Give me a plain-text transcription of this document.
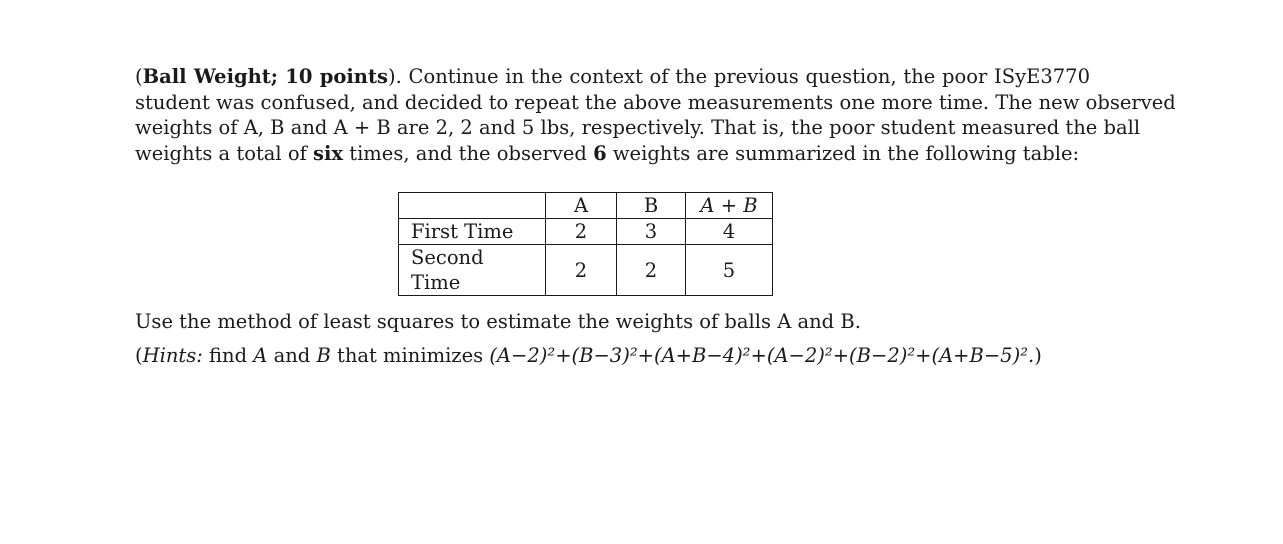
(Ball Weight; 10 points). Continue in the context of the previous question, the poor ISyE3770
student was confused, and decided to repeat the above measurements one more time. The new observed
weights of A, B and A + B are 2, 2 and 5 lbs, respectively. That is, the poor student measured the ball
weights a total of six times, and the observed 6 weights are summarized in the following table:

	A	B	A + B
First Time	2	3	4
Second Time	2	2	5
Use the method of least squares to estimate the weights of balls A and B.
(Hints: find A and B that minimizes (A−2)²+(B−3)²+(A+B−4)²+(A−2)²+(B−2)²+(A+B−5)².)
